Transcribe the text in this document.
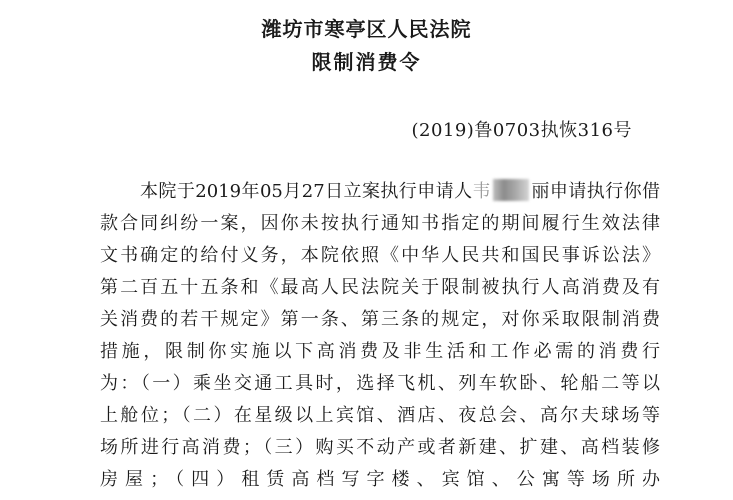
潍坊市寒亭区人民法院
限制消费令
(2019)鲁0703执恢316号
本院于2019年05月27日立案执行申请人韦 丽申请执行你借
款合同纠纷一案，因你未按执行通知书指定的期间履行生效法律
文书确定的给付义务，本院依照《中华人民共和国民事诉讼法》
第二百五十五条和《最高人民法院关于限制被执行人高消费及有
关消费的若干规定》第一条、第三条的规定，对你采取限制消费
措施，限制你实施以下高消费及非生活和工作必需的消费行
为：（一）乘坐交通工具时，选择飞机、列车软卧、轮船二等以
上舱位；（二）在星级以上宾馆、酒店、夜总会、高尔夫球场等
场所进行高消费；（三）购买不动产或者新建、扩建、高档装修
房屋；（四）租赁高档写字楼、宾馆、公寓等场所办
